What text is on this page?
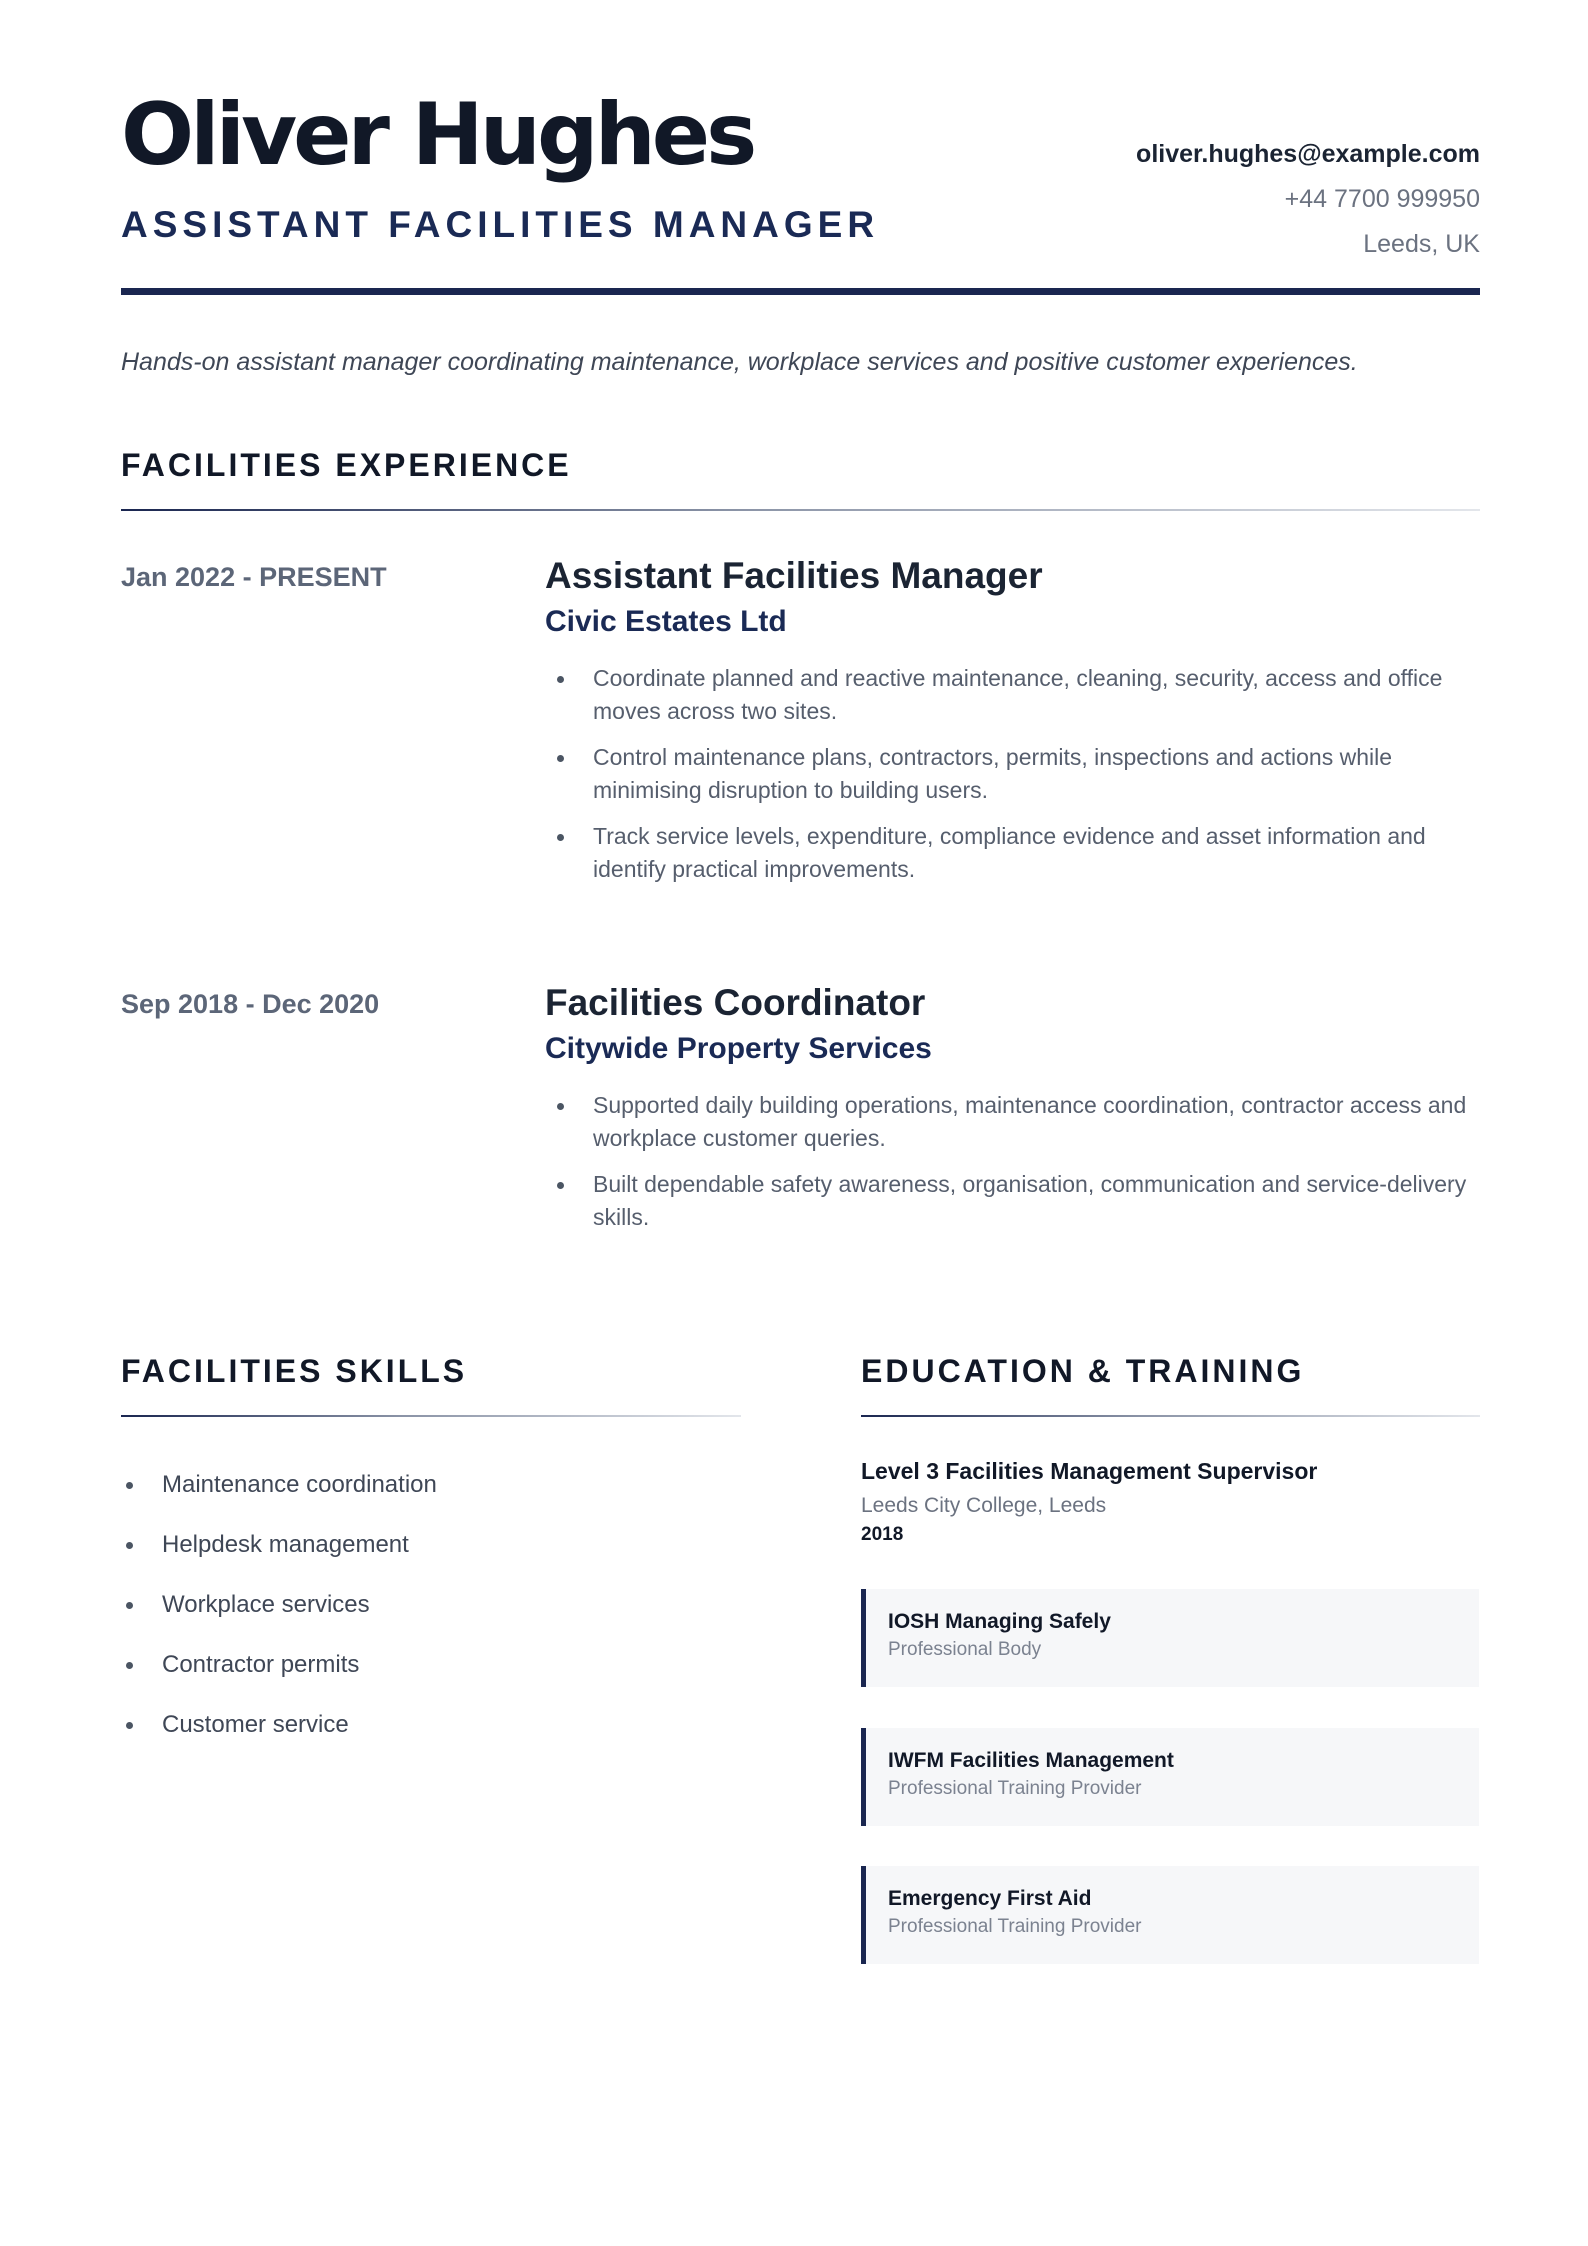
Oliver Hughes
ASSISTANT FACILITIES MANAGER
oliver.hughes@example.com
+44 7700 999950
Leeds, UK

Hands-on assistant manager coordinating maintenance, workplace services and positive customer experiences.

FACILITIES EXPERIENCE
Jan 2022 - PRESENT	Assistant Facilities Manager

Civic Estates Ltd

Coordinate planned and reactive maintenance, cleaning, security, access and office moves across two sites.
Control maintenance plans, contractors, permits, inspections and actions while minimising disruption to building users.
Track service levels, expenditure, compliance evidence and asset information and identify practical improvements.
Sep 2018 - Dec 2020	Facilities Coordinator

Citywide Property Services

Supported daily building operations, maintenance coordination, contractor access and workplace customer queries.
Built dependable safety awareness, organisation, communication and service-delivery skills.
FACILITIES SKILLS
Maintenance coordination
Helpdesk management
Workplace services
Contractor permits
Customer service
EDUCATION & TRAINING

Level 3 Facilities Management Supervisor

Leeds City College, Leeds

2018

IOSH Managing Safely

Professional Body

IWFM Facilities Management

Professional Training Provider

Emergency First Aid

Professional Training Provider
